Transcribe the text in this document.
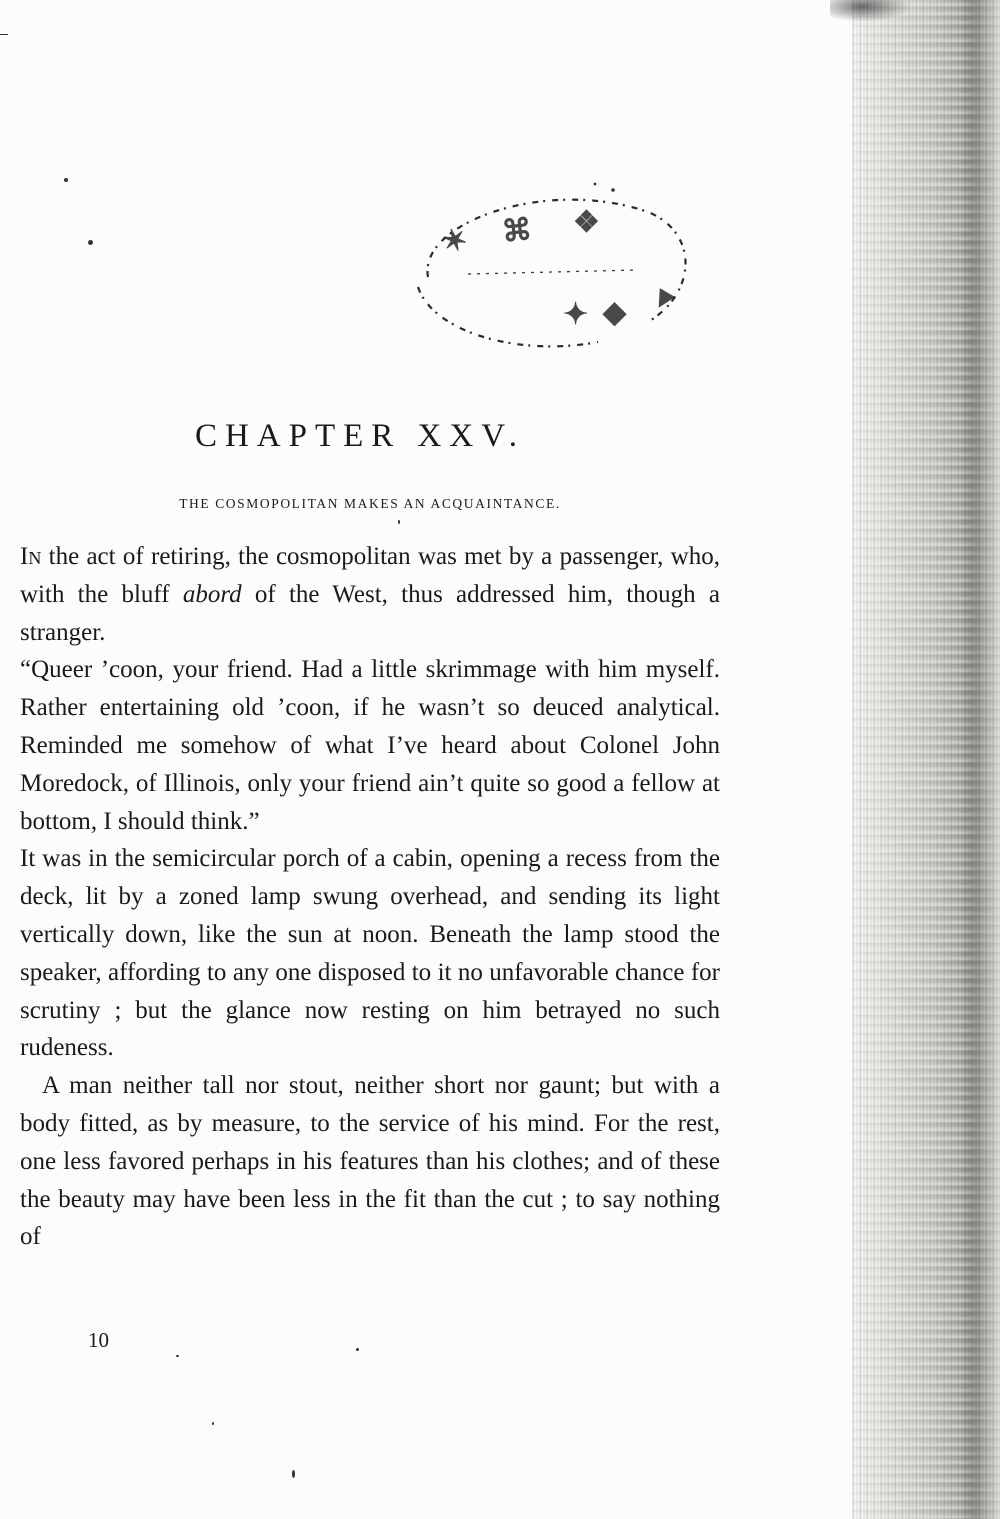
✶ ⌘ ❖
✦ ◆ ▼
CHAPTER XXV.
THE COSMOPOLITAN MAKES AN ACQUAINTANCE.

In the act of retiring, the cosmopolitan was met by a passenger, who, with the bluff abord of the West, thus addressed him, though a stranger.

“Queer ’coon, your friend. Had a little skrimmage with him myself. Rather entertaining old ’coon, if he wasn’t so deuced analytical. Reminded me somehow of what I’ve heard about Colonel John Moredock, of Illinois, only your friend ain’t quite so good a fellow at bottom, I should think.”

It was in the semicircular porch of a cabin, opening a recess from the deck, lit by a zoned lamp swung overhead, and sending its light vertically down, like the sun at noon. Beneath the lamp stood the speaker, affording to any one disposed to it no unfavorable chance for scrutiny ; but the glance now resting on him betrayed no such rudeness.

A man neither tall nor stout, neither short nor gaunt; but with a body fitted, as by measure, to the service of his mind. For the rest, one less favored perhaps in his features than his clothes; and of these the beauty may have been less in the fit than the cut ; to say nothing of

10
